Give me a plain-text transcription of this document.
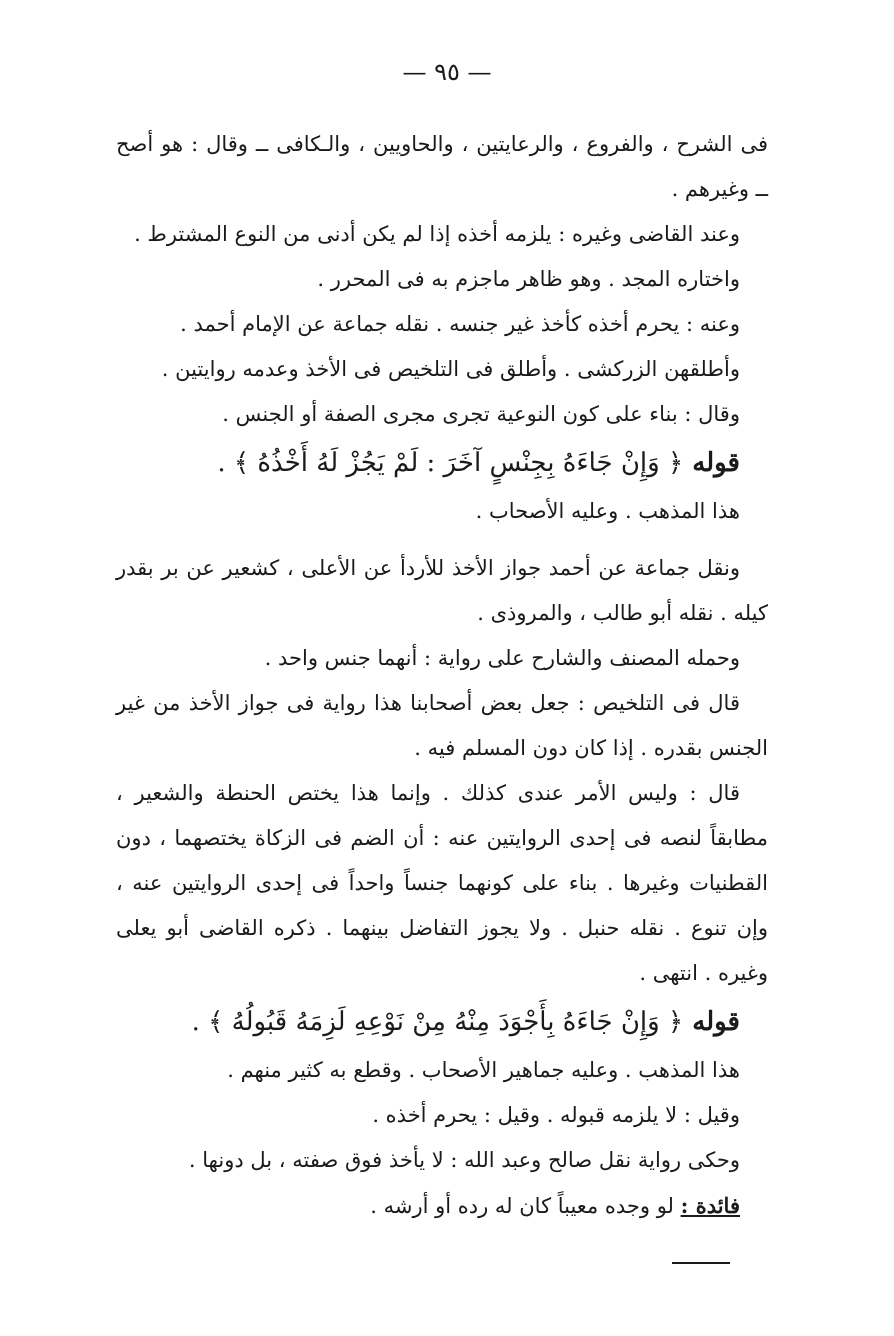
— ٩٥ —

فى الشرح ، والفروع ، والرعايتين ، والحاويين ، والـكافى ــ وقال : هو أصح ــ وغيرهم .

وعند القاضى وغيره : يلزمه أخذه إذا لم يكن أدنى من النوع المشترط .

واختاره المجد . وهو ظاهر ماجزم به فى المحرر .

وعنه : يحرم أخذه كأخذ غير جنسه . نقله جماعة عن الإمام أحمد .

وأطلقهن الزركشى . وأطلق فى التلخيص فى الأخذ وعدمه روايتين .

وقال : بناء على كون النوعية تجرى مجرى الصفة أو الجنس .

قوله ﴿ وَإِنْ جَاءَهُ بِجِنْسٍ آخَرَ : لَمْ يَجُزْ لَهُ أَخْذُهُ ﴾ .

هذا المذهب . وعليه الأصحاب .

ونقل جماعة عن أحمد جواز الأخذ للأردأ عن الأعلى ، كشعير عن بر بقدر كيله . نقله أبو طالب ، والمروذى .

وحمله المصنف والشارح على رواية : أنهما جنس واحد .

قال فى التلخيص : جعل بعض أصحابنا هذا رواية فى جواز الأخذ من غير الجنس بقدره . إذا كان دون المسلم فيه .

قال : وليس الأمر عندى كذلك . وإنما هذا يختص الحنطة والشعير ، مطابقاً لنصه فى إحدى الروايتين عنه : أن الضم فى الزكاة يختصهما ، دون القطنيات وغيرها . بناء على كونهما جنساً واحداً فى إحدى الروايتين عنه ، وإن تنوع . نقله حنبل . ولا يجوز التفاضل بينهما . ذكره القاضى أبو يعلى وغيره . انتهى .

قوله ﴿ وَإِنْ جَاءَهُ بِأَجْوَدَ مِنْهُ مِنْ نَوْعِهِ لَزِمَهُ قَبُولُهُ ﴾ .

هذا المذهب . وعليه جماهير الأصحاب . وقطع به كثير منهم .

وقيل : لا يلزمه قبوله . وقيل : يحرم أخذه .

وحكى رواية نقل صالح وعبد الله : لا يأخذ فوق صفته ، بل دونها .

فائدة : لو وجده معيباً كان له رده أو أرشه .
